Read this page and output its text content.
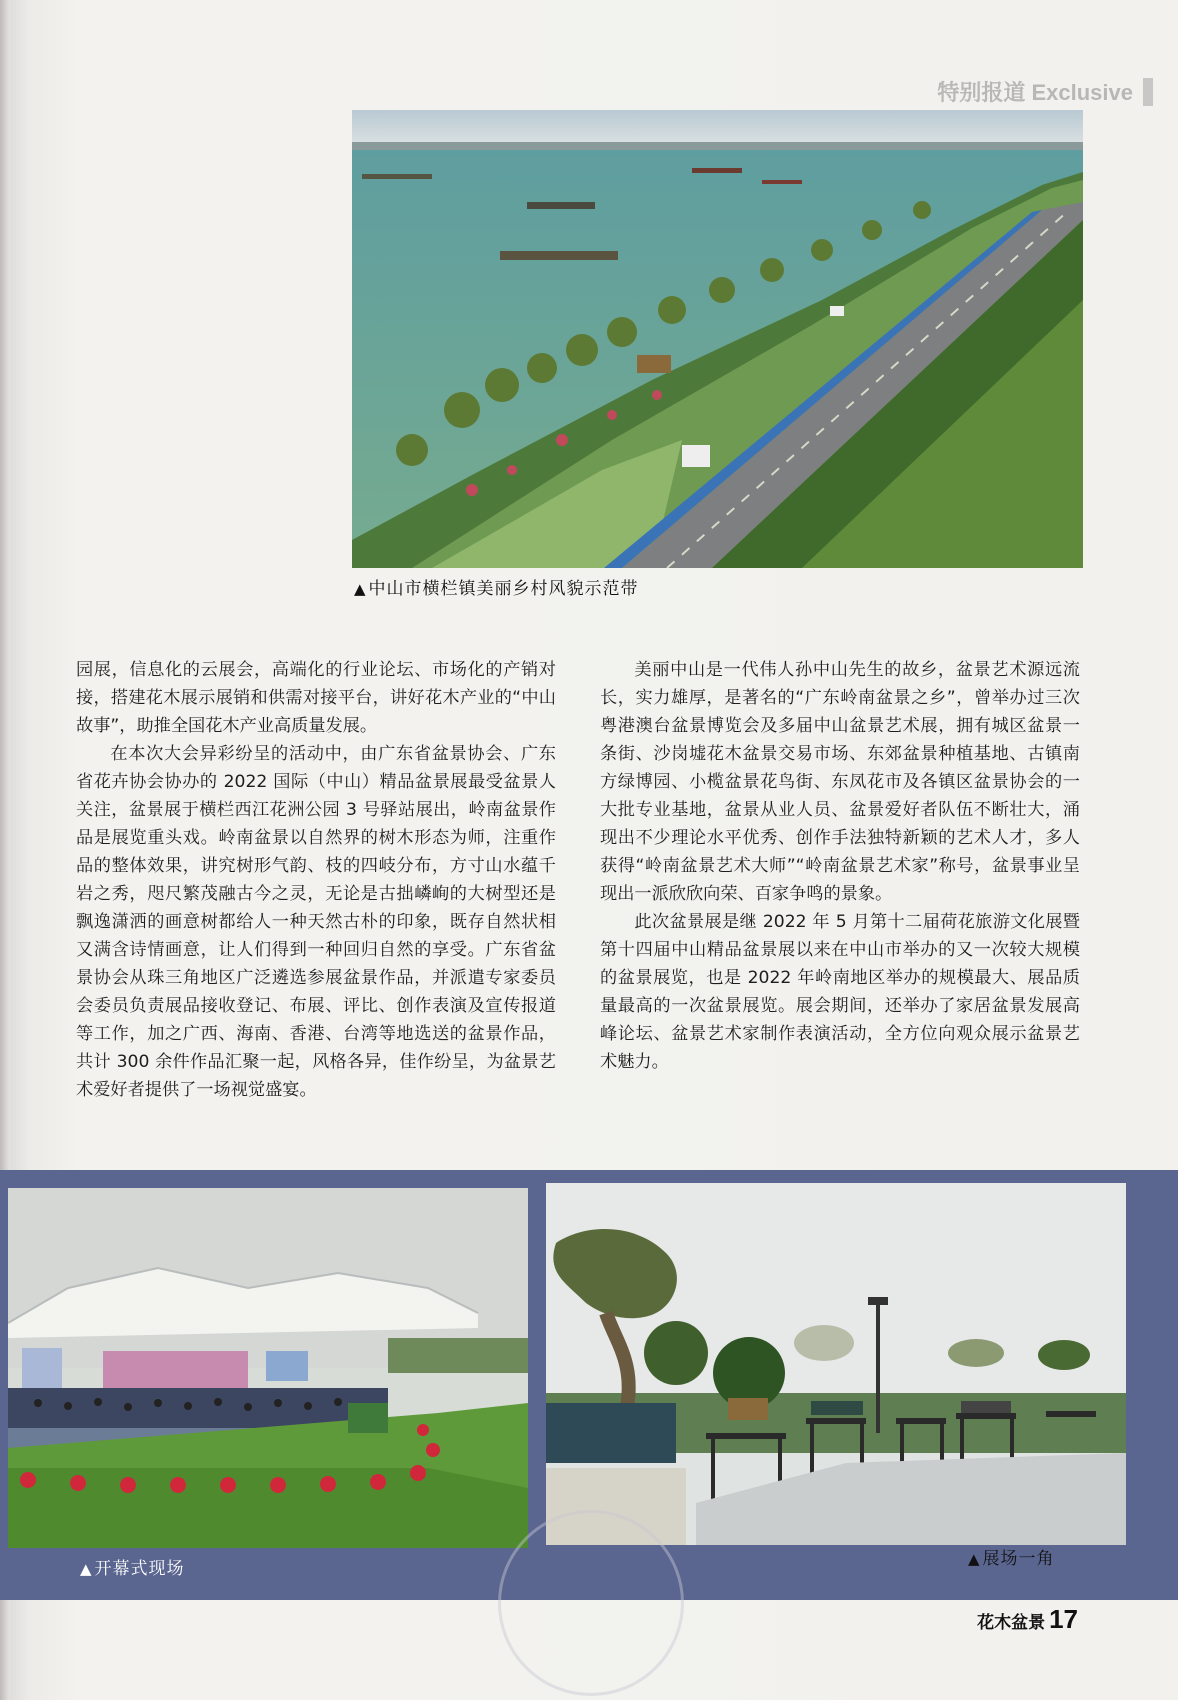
特别报道 Exclusive
▲ 中山市横栏镇美丽乡村风貌示范带

园展，信息化的云展会，高端化的行业论坛、市场化的产销对接，搭建花木展示展销和供需对接平台，讲好花木产业的“中山故事”，助推全国花木产业高质量发展。

在本次大会异彩纷呈的活动中，由广东省盆景协会、广东省花卉协会协办的 2022 国际（中山）精品盆景展最受盆景人关注，盆景展于横栏西江花洲公园 3 号驿站展出，岭南盆景作品是展览重头戏。岭南盆景以自然界的树木形态为师，注重作品的整体效果，讲究树形气韵、枝的四岐分布，方寸山水蕴千岩之秀，咫尺繁茂融古今之灵，无论是古拙嶙峋的大树型还是飘逸潇洒的画意树都给人一种天然古朴的印象，既存自然状相又满含诗情画意，让人们得到一种回归自然的享受。广东省盆景协会从珠三角地区广泛遴选参展盆景作品，并派遣专家委员会委员负责展品接收登记、布展、评比、创作表演及宣传报道等工作，加之广西、海南、香港、台湾等地选送的盆景作品，共计 300 余件作品汇聚一起，风格各异，佳作纷呈，为盆景艺术爱好者提供了一场视觉盛宴。

美丽中山是一代伟人孙中山先生的故乡，盆景艺术源远流长，实力雄厚，是著名的“广东岭南盆景之乡”，曾举办过三次粤港澳台盆景博览会及多届中山盆景艺术展，拥有城区盆景一条街、沙岗墟花木盆景交易市场、东郊盆景种植基地、古镇南方绿博园、小榄盆景花鸟街、东凤花市及各镇区盆景协会的一大批专业基地，盆景从业人员、盆景爱好者队伍不断壮大，涌现出不少理论水平优秀、创作手法独特新颖的艺术人才，多人获得“岭南盆景艺术大师”“岭南盆景艺术家”称号，盆景事业呈现出一派欣欣向荣、百家争鸣的景象。

此次盆景展是继 2022 年 5 月第十二届荷花旅游文化展暨第十四届中山精品盆景展以来在中山市举办的又一次较大规模的盆景展览，也是 2022 年岭南地区举办的规模最大、展品质量最高的一次盆景展览。展会期间，还举办了家居盆景发展高峰论坛、盆景艺术家制作表演活动，全方位向观众展示盆景艺术魅力。

▲ 开幕式现场	▲ 展场一角
花木盆景 17
